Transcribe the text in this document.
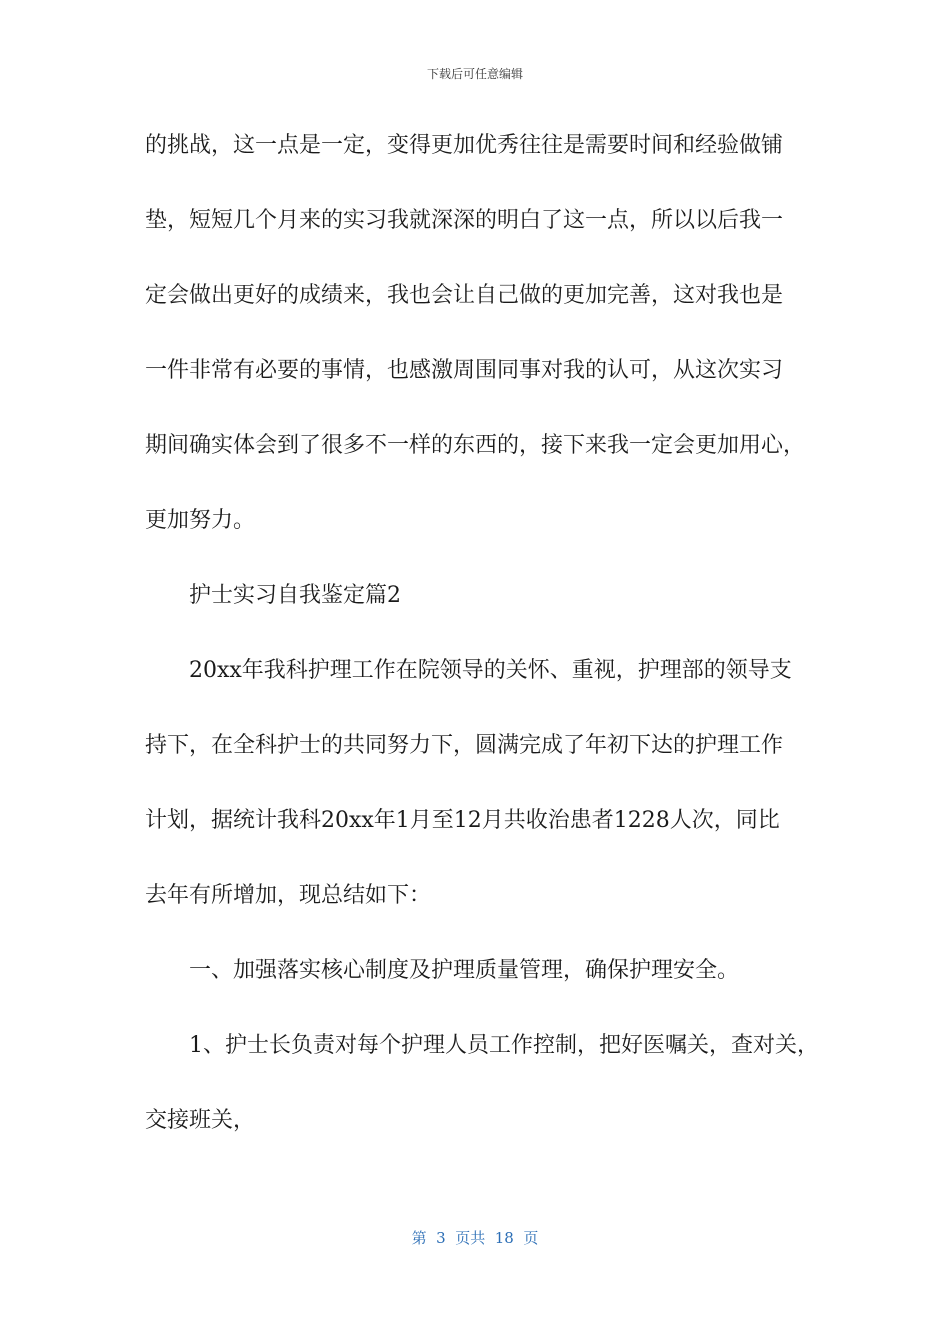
下载后可任意编辑
的挑战，这一点是一定，变得更加优秀往往是需要时间和经验做铺
垫，短短几个月来的实习我就深深的明白了这一点，所以以后我一
定会做出更好的成绩来，我也会让自己做的更加完善，这对我也是
一件非常有必要的事情，也感激周围同事对我的认可，从这次实习
期间确实体会到了很多不一样的东西的，接下来我一定会更加用心，
更加努力。
护士实习自我鉴定篇2
20xx年我科护理工作在院领导的关怀、重视，护理部的领导支
持下，在全科护士的共同努力下，圆满完成了年初下达的护理工作
计划，据统计我科20xx年1月至12月共收治患者1228人次，同比
去年有所增加，现总结如下：
一、加强落实核心制度及护理质量管理，确保护理安全。
1、护士长负责对每个护理人员工作控制，把好医嘱关，查对关，
交接班关，
第  3  页共  18  页
